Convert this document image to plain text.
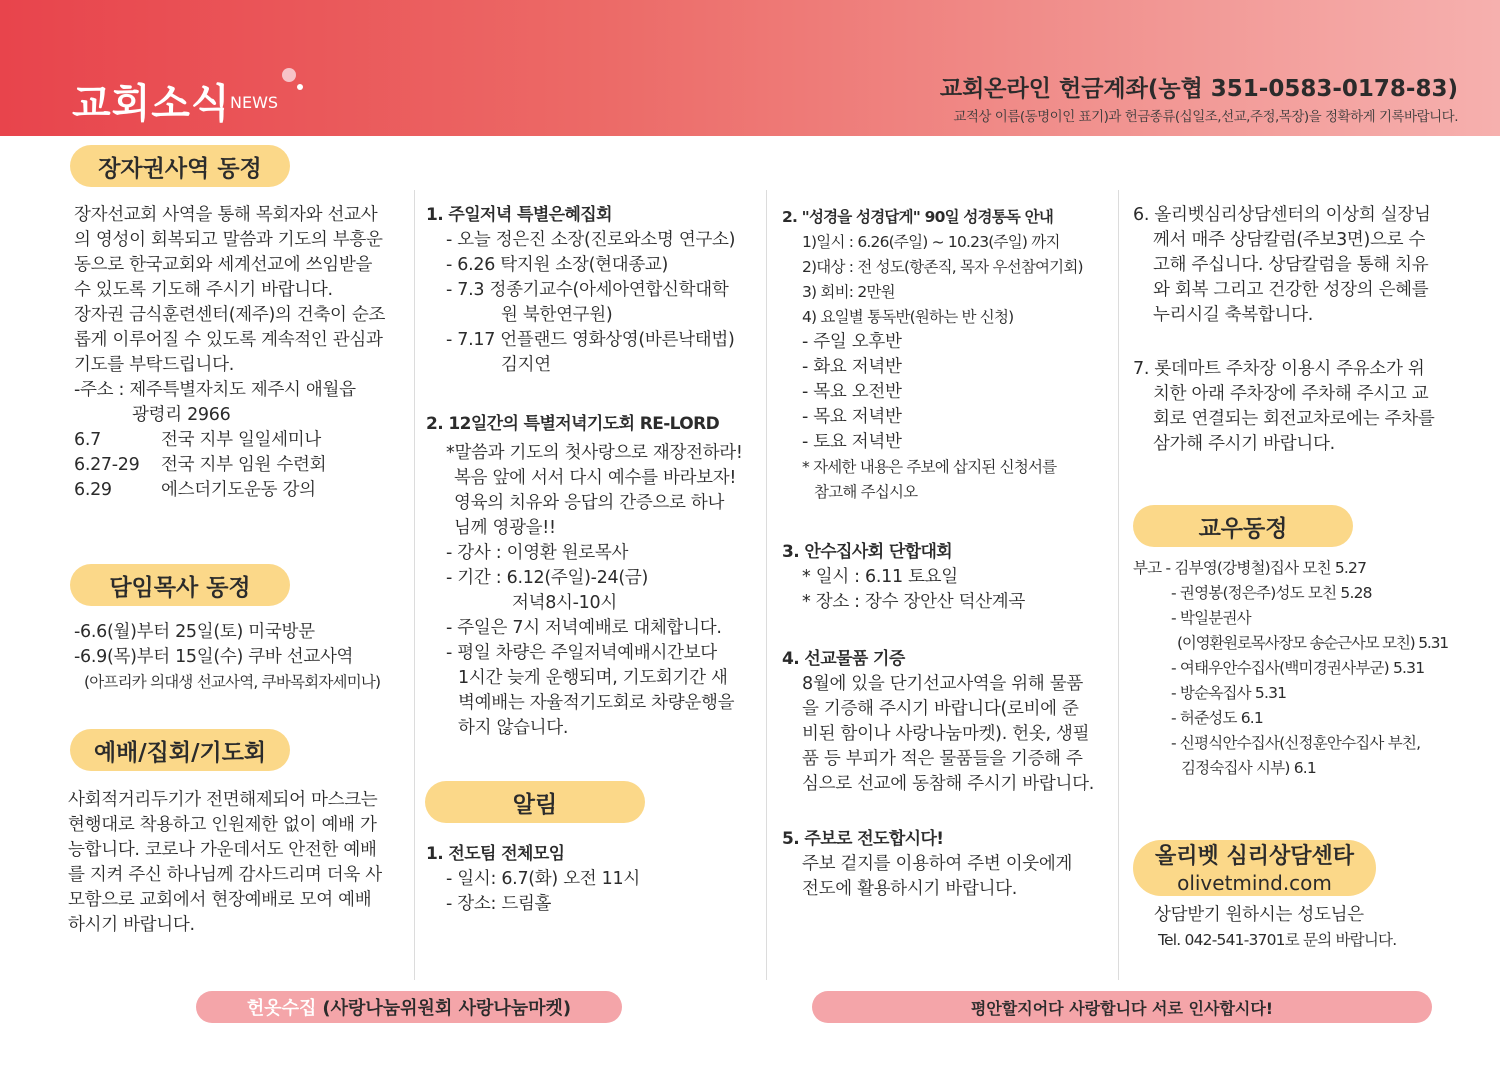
교회소식 NEWS
교회온라인 헌금계좌(농협 351-0583-0178-83)
교적상 이름(동명이인 표기)과 헌금종류(십일조,선교,주정,목장)을 정확하게 기록바랍니다.
장자권사역 동정

장자선교회 사역을 통해 목회자와 선교사

의 영성이 회복되고 말씀과 기도의 부흥운

동으로 한국교회와 세계선교에 쓰임받을

수 있도록 기도해 주시기 바랍니다.

장자권 금식훈련센터(제주)의 건축이 순조

롭게 이루어질 수 있도록 계속적인 관심과

기도를 부탁드립니다.

-주소 : 제주특별자치도 제주시 애월읍

광령리 2966

6.7	전국 지부 일일세미나

6.27-29 전국 지부 임원 수련회

6.29	에스더기도운동 강의

담임목사 동정

-6.6(월)부터 25일(토) 미국방문

-6.9(목)부터 15일(수) 쿠바 선교사역

(아프리카 의대생 선교사역, 쿠바목회자세미나)

예배/집회/기도회

사회적거리두기가 전면해제되어 마스크는

현행대로 착용하고 인원제한 없이 예배 가

능합니다. 코로나 가운데서도 안전한 예배

를 지켜 주신 하나님께 감사드리며 더욱 사

모함으로 교회에서 현장예배로 모여 예배

하시기 바랍니다.

1. 주일저녁 특별은혜집회

- 오늘 정은진 소장(진로와소명 연구소)

- 6.26 탁지원 소장(현대종교)

- 7.3 정종기교수(아세아연합신학대학

원 북한연구원)

- 7.17 언플랜드 영화상영(바른낙태법)

김지연

2. 12일간의 특별저녁기도회 RE-LORD

*말씀과 기도의 첫사랑으로 재장전하라!

복음 앞에 서서 다시 예수를 바라보자!

영육의 치유와 응답의 간증으로 하나

님께 영광을!!

- 강사 : 이영환 원로목사

- 기간 : 6.12(주일)-24(금)

저녁8시-10시

- 주일은 7시 저녁예배로 대체합니다.

- 평일 차량은 주일저녁예배시간보다

1시간 늦게 운행되며, 기도회기간 새

벽예배는 자율적기도회로 차량운행을

하지 않습니다.

알림

1. 전도팀 전체모임

- 일시: 6.7(화) 오전 11시

- 장소: 드림홀

2. "성경을 성경답게" 90일 성경통독 안내

1)일시 : 6.26(주일) ~ 10.23(주일) 까지

2)대상 : 전 성도(항존직, 목자 우선참여기회)

3) 회비: 2만원

4) 요일별 통독반(원하는 반 신청)

- 주일 오후반

- 화요 저녁반

- 목요 오전반

- 목요 저녁반

- 토요 저녁반

* 자세한 내용은 주보에 삽지된 신청서를

참고해 주십시오

3. 안수집사회 단합대회

* 일시 : 6.11 토요일

* 장소 : 장수 장안산 덕산계곡

4. 선교물품 기증

8월에 있을 단기선교사역을 위해 물품

을 기증해 주시기 바랍니다(로비에 준

비된 함이나 사랑나눔마켓). 헌옷, 생필

품 등 부피가 적은 물품들을 기증해 주

심으로 선교에 동참해 주시기 바랍니다.

5. 주보로 전도합시다!

주보 겉지를 이용하여 주변 이웃에게

전도에 활용하시기 바랍니다.

6. 올리벳심리상담센터의 이상희 실장님

께서 매주 상담칼럼(주보3면)으로 수

고해 주십니다. 상담칼럼을 통해 치유

와 회복 그리고 건강한 성장의 은혜를

누리시길 축복합니다.

7. 롯데마트 주차장 이용시 주유소가 위

치한 아래 주차장에 주차해 주시고 교

회로 연결되는 회전교차로에는 주차를

삼가해 주시기 바랍니다.

교우동정

부고 - 김부영(강병철)집사 모친 5.27

- 권영봉(정은주)성도 모친 5.28

- 박일분권사

(이영환원로목사장모 송순근사모 모친) 5.31

- 여태우안수집사(백미경권사부군) 5.31

- 방순옥집사 5.31

- 허준성도 6.1

- 신평식안수집사(신정훈안수집사 부친,

김정숙집사 시부) 6.1

올리벳 심리상담센타
olivetmind.com

상담받기 원하시는 성도님은

Tel. 042-541-3701로 문의 바랍니다.

헌옷수집 (사랑나눔위원회 사랑나눔마켓)	평안할지어다 사랑합니다 서로 인사합시다!
